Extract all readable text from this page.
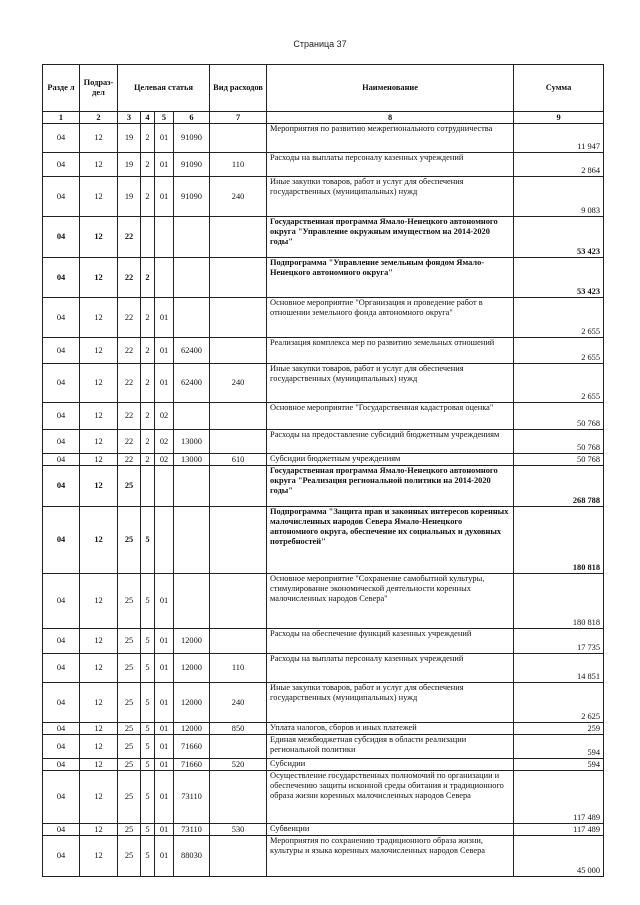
Страница 37
Разде л	Подраз- дел	Целевая статья				Вид расходов	Наименование	Сумма
1	2	3	4	5	6	7	8	9
04	12	19	2	01	91090		Мероприятия по развитию межрегионального сотрудничества	11 947
04	12	19	2	01	91090	110	Расходы на выплаты персоналу казенных учреждений	2 864
04	12	19	2	01	91090	240	Иные закупки товаров, работ и услуг для обеспечения государственных (муниципальных) нужд	9 083
04	12	22					Государственная программа Ямало-Ненецкого автономного округа "Управление окружным имуществом на 2014-2020 годы"	53 423
04	12	22	2				Подпрограмма "Управление земельным фондом Ямало-Ненецкого автономного округа"	53 423
04	12	22	2	01			Основное мероприятие "Организация и проведение работ в отношении земельного фонда автономного округа"	2 655
04	12	22	2	01	62400		Реализация комплекса мер по развитию земельных отношений	2 655
04	12	22	2	01	62400	240	Иные закупки товаров, работ и услуг для обеспечения государственных (муниципальных) нужд	2 655
04	12	22	2	02			Основное мероприятие "Государственная кадастровая оценка"	50 768
04	12	22	2	02	13000		Расходы на предоставление субсидий бюджетным учреждениям	50 768
04	12	22	2	02	13000	610	Субсидии бюджетным учреждениям	50 768
04	12	25					Государственная программа Ямало-Ненецкого автономного округа "Реализация региональной политики на 2014-2020 годы"	268 788
04	12	25	5				Подпрограмма "Защита прав и законных интересов коренных малочисленных народов Севера Ямало-Ненецкого автономного округа, обеспечение их социальных и духовных потребностей"	180 818
04	12	25	5	01			Основное мероприятие "Сохранение самобытной культуры, стимулирование экономической деятельности коренных малочисленных народов Севера"	180 818
04	12	25	5	01	12000		Расходы на обеспечение функций казенных учреждений	17 735
04	12	25	5	01	12000	110	Расходы на выплаты персоналу казенных учреждений	14 851
04	12	25	5	01	12000	240	Иные закупки товаров, работ и услуг для обеспечения государственных (муниципальных) нужд	2 625
04	12	25	5	01	12000	850	Уплата налогов, сборов и иных платежей	259
04	12	25	5	01	71660		Единая межбюджетная субсидия в области реализации региональной политики	594
04	12	25	5	01	71660	520	Субсидии	594
04	12	25	5	01	73110		Осуществление государственных полномочий по организации и обеспечению защиты исконной среды обитания и традиционного образа жизни коренных малочисленных народов Севера	117 489
04	12	25	5	01	73110	530	Субвенции	117 489
04	12	25	5	01	88030		Мероприятия по сохранению традиционного образа жизни, культуры и языка коренных малочисленных народов Севера	45 000
